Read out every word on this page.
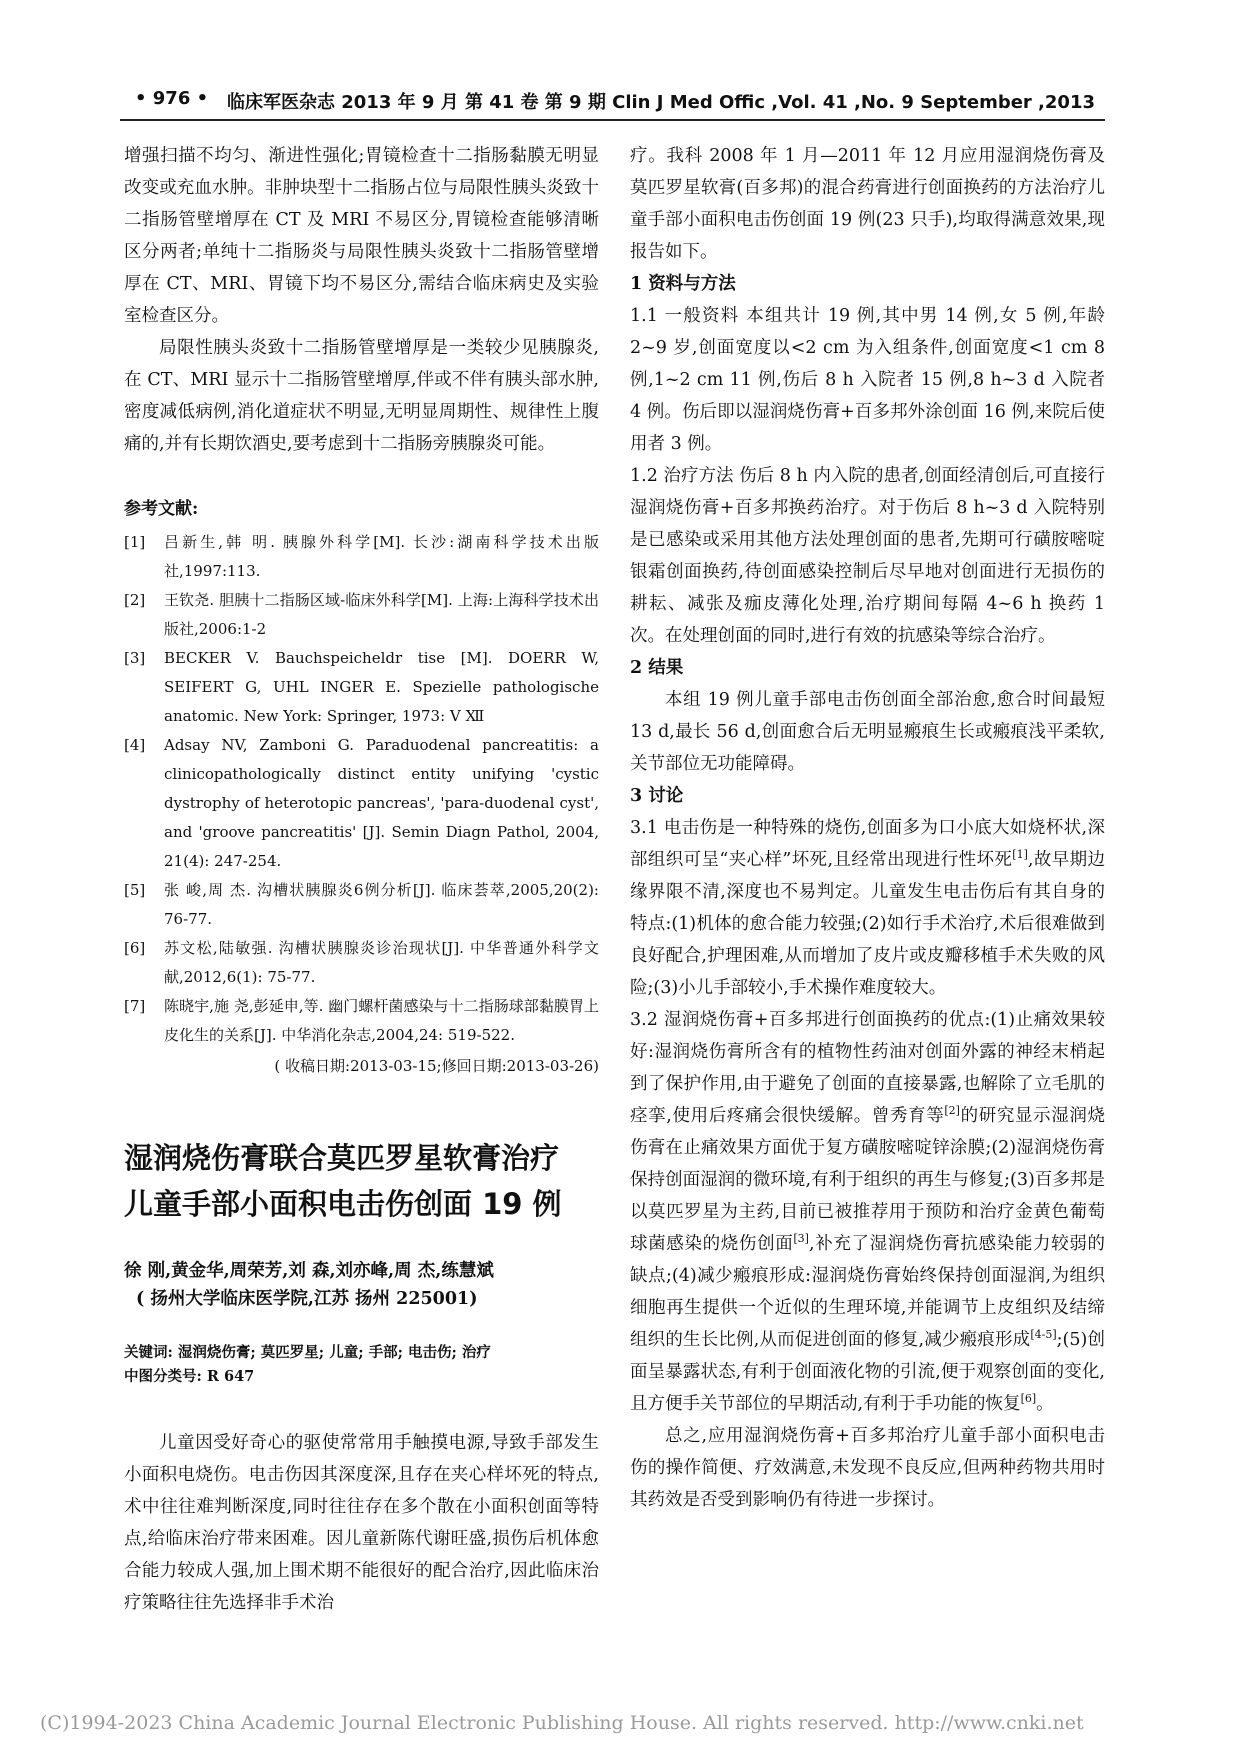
• 976 • 临床军医杂志 2013 年 9 月 第 41 卷 第 9 期 Clin J Med Offic ,Vol. 41 ,No. 9 September ,2013

增强扫描不均匀、渐进性强化;胃镜检查十二指肠黏膜无明显改变或充血水肿。非肿块型十二指肠占位与局限性胰头炎致十二指肠管壁增厚在 CT 及 MRI 不易区分,胃镜检查能够清晰区分两者;单纯十二指肠炎与局限性胰头炎致十二指肠管壁增厚在 CT、MRI、胃镜下均不易区分,需结合临床病史及实验室检查区分。

局限性胰头炎致十二指肠管壁增厚是一类较少见胰腺炎,在 CT、MRI 显示十二指肠管壁增厚,伴或不伴有胰头部水肿,密度减低病例,消化道症状不明显,无明显周期性、规律性上腹痛的,并有长期饮酒史,要考虑到十二指肠旁胰腺炎可能。

参考文献:

[1]	吕新生,韩 明. 胰腺外科学[M]. 长沙:湖南科学技术出版社,1997:113.
[2]	王钦尧. 胆胰十二指肠区域-临床外科学[M]. 上海:上海科学技术出版社,2006:1-2
[3]	BECKER V. Bauchspeicheldr tise [M]. DOERR W, SEIFERT G, UHL INGER E. Spezielle pathologische anatomic. New York: Springer, 1973: Ⅴ Ⅻ
[4]	Adsay NV, Zamboni G. Paraduodenal pancreatitis: a clinicopathologically distinct entity unifying 'cystic dystrophy of heterotopic pancreas', 'para-duodenal cyst', and 'groove pancreatitis' [J]. Semin Diagn Pathol, 2004, 21(4): 247-254.
[5]	张 峻,周 杰. 沟槽状胰腺炎6例分析[J]. 临床荟萃,2005,20(2): 76-77.
[6]	苏文松,陆敏强. 沟槽状胰腺炎诊治现状[J]. 中华普通外科学文献,2012,6(1): 75-77.
[7]	陈晓宇,施 尧,彭延申,等. 幽门螺杆菌感染与十二指肠球部黏膜胃上皮化生的关系[J]. 中华消化杂志,2004,24: 519-522.

( 收稿日期:2013-03-15;修回日期:2013-03-26)

湿润烧伤膏联合莫匹罗星软膏治疗
儿童手部小面积电击伤创面 19 例

徐 刚,黄金华,周荣芳,刘 森,刘亦峰,周 杰,练慧斌

( 扬州大学临床医学院,江苏 扬州 225001)

关键词: 湿润烧伤膏; 莫匹罗星; 儿童; 手部; 电击伤; 治疗

中图分类号: R 647

儿童因受好奇心的驱使常常用手触摸电源,导致手部发生小面积电烧伤。电击伤因其深度深,且存在夹心样坏死的特点,术中往往难判断深度,同时往往存在多个散在小面积创面等特点,给临床治疗带来困难。因儿童新陈代谢旺盛,损伤后机体愈合能力较成人强,加上围术期不能很好的配合治疗,因此临床治疗策略往往先选择非手术治

疗。我科 2008 年 1 月—2011 年 12 月应用湿润烧伤膏及莫匹罗星软膏(百多邦)的混合药膏进行创面换药的方法治疗儿童手部小面积电击伤创面 19 例(23 只手),均取得满意效果,现报告如下。

1 资料与方法

1.1 一般资料 本组共计 19 例,其中男 14 例,女 5 例,年龄 2~9 岁,创面宽度以<2 cm 为入组条件,创面宽度<1 cm 8 例,1~2 cm 11 例,伤后 8 h 入院者 15 例,8 h~3 d 入院者 4 例。伤后即以湿润烧伤膏+百多邦外涂创面 16 例,来院后使用者 3 例。

1.2 治疗方法 伤后 8 h 内入院的患者,创面经清创后,可直接行湿润烧伤膏+百多邦换药治疗。对于伤后 8 h~3 d 入院特别是已感染或采用其他方法处理创面的患者,先期可行磺胺嘧啶银霜创面换药,待创面感染控制后尽早地对创面进行无损伤的耕耘、减张及痂皮薄化处理,治疗期间每隔 4~6 h 换药 1 次。在处理创面的同时,进行有效的抗感染等综合治疗。

2 结果

本组 19 例儿童手部电击伤创面全部治愈,愈合时间最短 13 d,最长 56 d,创面愈合后无明显瘢痕生长或瘢痕浅平柔软,关节部位无功能障碍。

3 讨论

3.1 电击伤是一种特殊的烧伤,创面多为口小底大如烧杯状,深部组织可呈“夹心样”坏死,且经常出现进行性坏死[1],故早期边缘界限不清,深度也不易判定。儿童发生电击伤后有其自身的特点:(1)机体的愈合能力较强;(2)如行手术治疗,术后很难做到良好配合,护理困难,从而增加了皮片或皮瓣移植手术失败的风险;(3)小儿手部较小,手术操作难度较大。

3.2 湿润烧伤膏+百多邦进行创面换药的优点:(1)止痛效果较好:湿润烧伤膏所含有的植物性药油对创面外露的神经末梢起到了保护作用,由于避免了创面的直接暴露,也解除了立毛肌的痉挛,使用后疼痛会很快缓解。曾秀育等[2]的研究显示湿润烧伤膏在止痛效果方面优于复方磺胺嘧啶锌涂膜;(2)湿润烧伤膏保持创面湿润的微环境,有利于组织的再生与修复;(3)百多邦是以莫匹罗星为主药,目前已被推荐用于预防和治疗金黄色葡萄球菌感染的烧伤创面[3],补充了湿润烧伤膏抗感染能力较弱的缺点;(4)减少瘢痕形成:湿润烧伤膏始终保持创面湿润,为组织细胞再生提供一个近似的生理环境,并能调节上皮组织及结缔组织的生长比例,从而促进创面的修复,减少瘢痕形成[4-5];(5)创面呈暴露状态,有利于创面液化物的引流,便于观察创面的变化,且方便手关节部位的早期活动,有利于手功能的恢复[6]。

总之,应用湿润烧伤膏+百多邦治疗儿童手部小面积电击伤的操作简便、疗效满意,未发现不良反应,但两种药物共用时其药效是否受到影响仍有待进一步探讨。

(C)1994-2023 China Academic Journal Electronic Publishing House. All rights reserved. http://www.cnki.net
